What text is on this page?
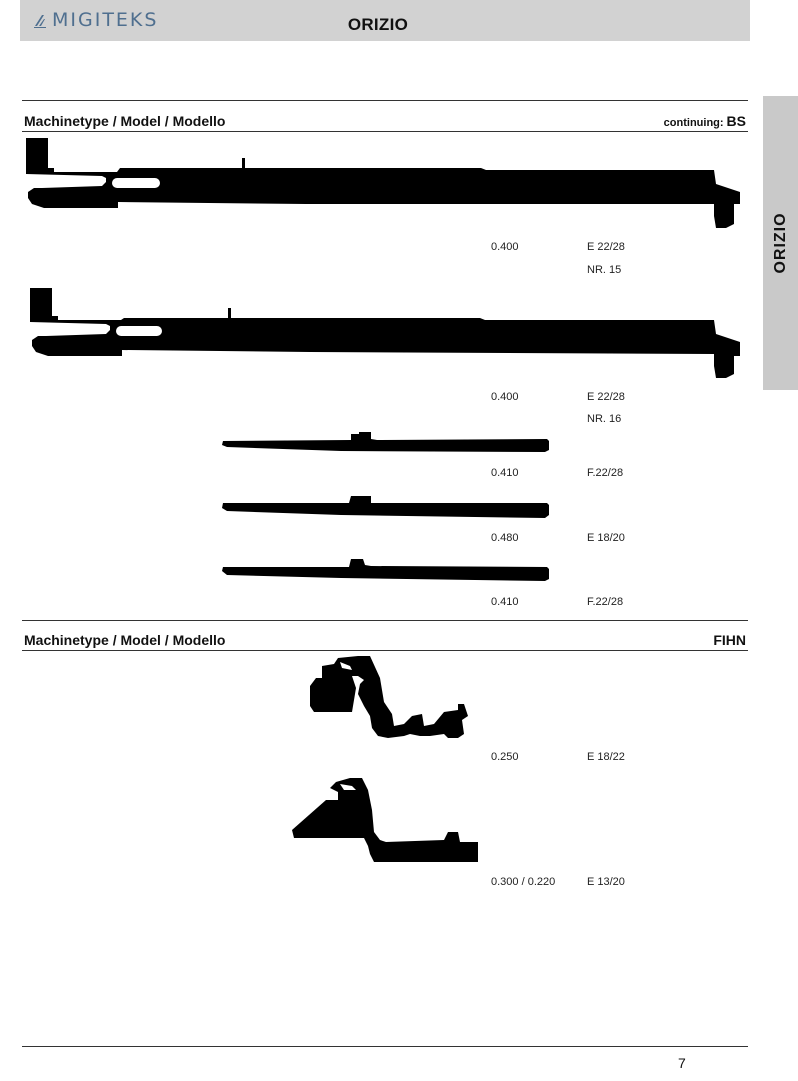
MIGITEKS	ORIZIO
ORIZIO
Machinetype / Model / Modello	continuing: BS
0.400	E 22/28
NR. 15
0.400	E 22/28
NR. 16
0.410	F.22/28
0.480	E 18/20
0.410	F.22/28
Machinetype / Model / Modello	FIHN
0.250	E 18/22
0.300 / 0.220	E 13/20
7
